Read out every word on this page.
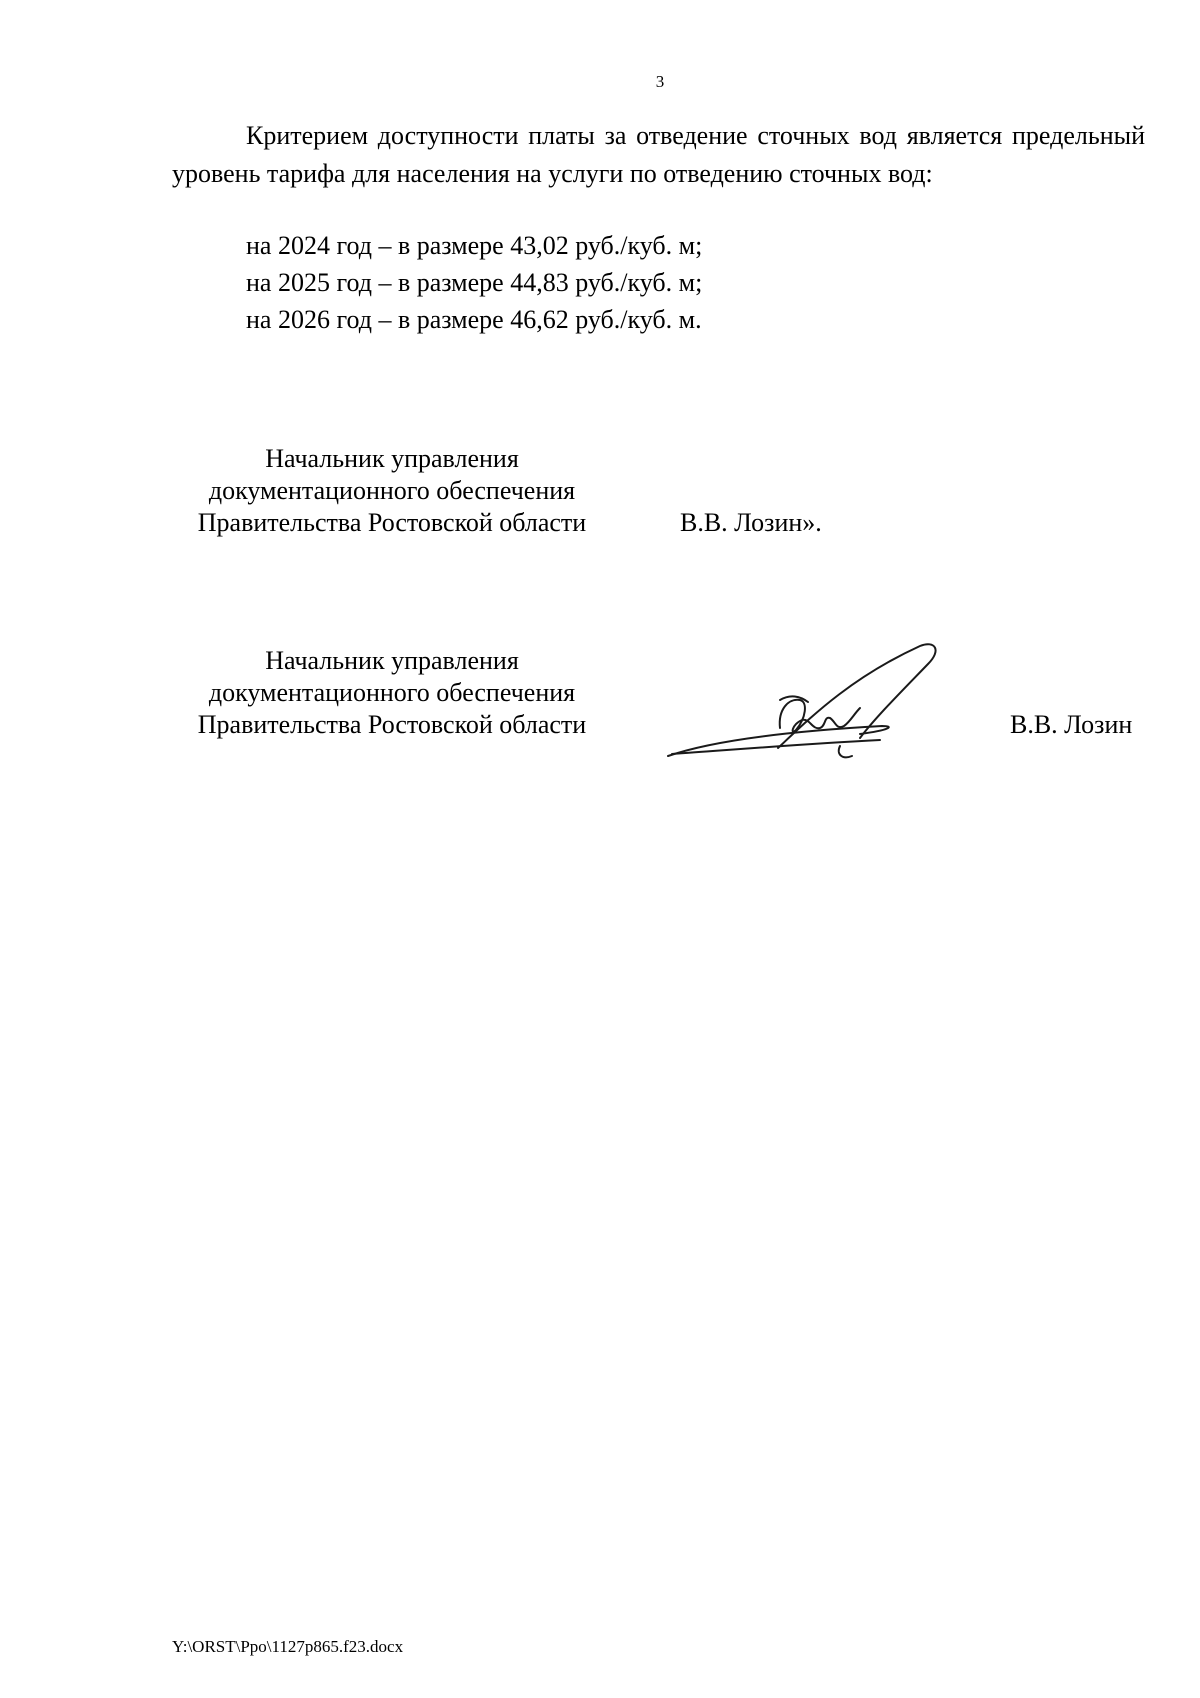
3

Критерием доступности платы за отведение сточных вод является предельный уровень тарифа для населения на услуги по отведению сточных вод:

на 2024 год – в размере 43,02 руб./куб. м;

на 2025 год – в размере 44,83 руб./куб. м;

на 2026 год – в размере 46,62 руб./куб. м.

Начальник управления

документационного обеспечения

Правительства Ростовской области	В.В. Лозин».

Начальник управления

документационного обеспечения

Правительства Ростовской области	В.В. Лозин

Y:\ORST\Ppo\1127p865.f23.docx
